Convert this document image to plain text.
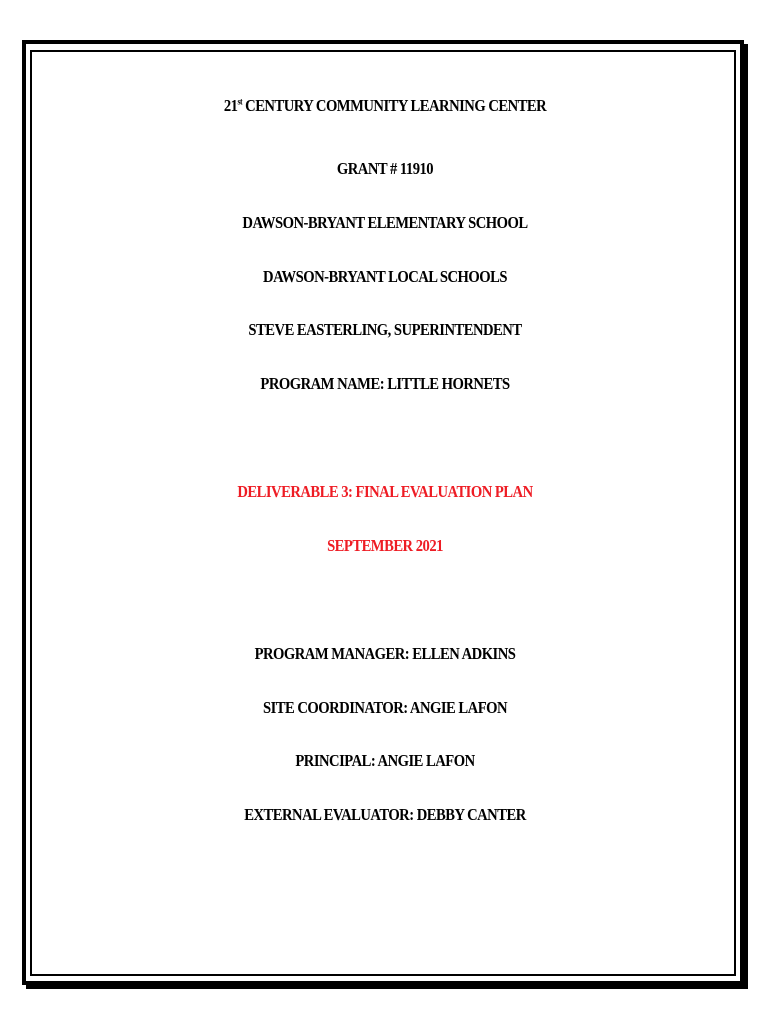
21st CENTURY COMMUNITY LEARNING CENTER
GRANT # 11910
DAWSON-BRYANT ELEMENTARY SCHOOL
DAWSON-BRYANT LOCAL SCHOOLS
STEVE EASTERLING, SUPERINTENDENT
PROGRAM NAME: LITTLE HORNETS
DELIVERABLE 3: FINAL EVALUATION PLAN
SEPTEMBER 2021
PROGRAM MANAGER: ELLEN ADKINS
SITE COORDINATOR: ANGIE LAFON
PRINCIPAL: ANGIE LAFON
EXTERNAL EVALUATOR: DEBBY CANTER
